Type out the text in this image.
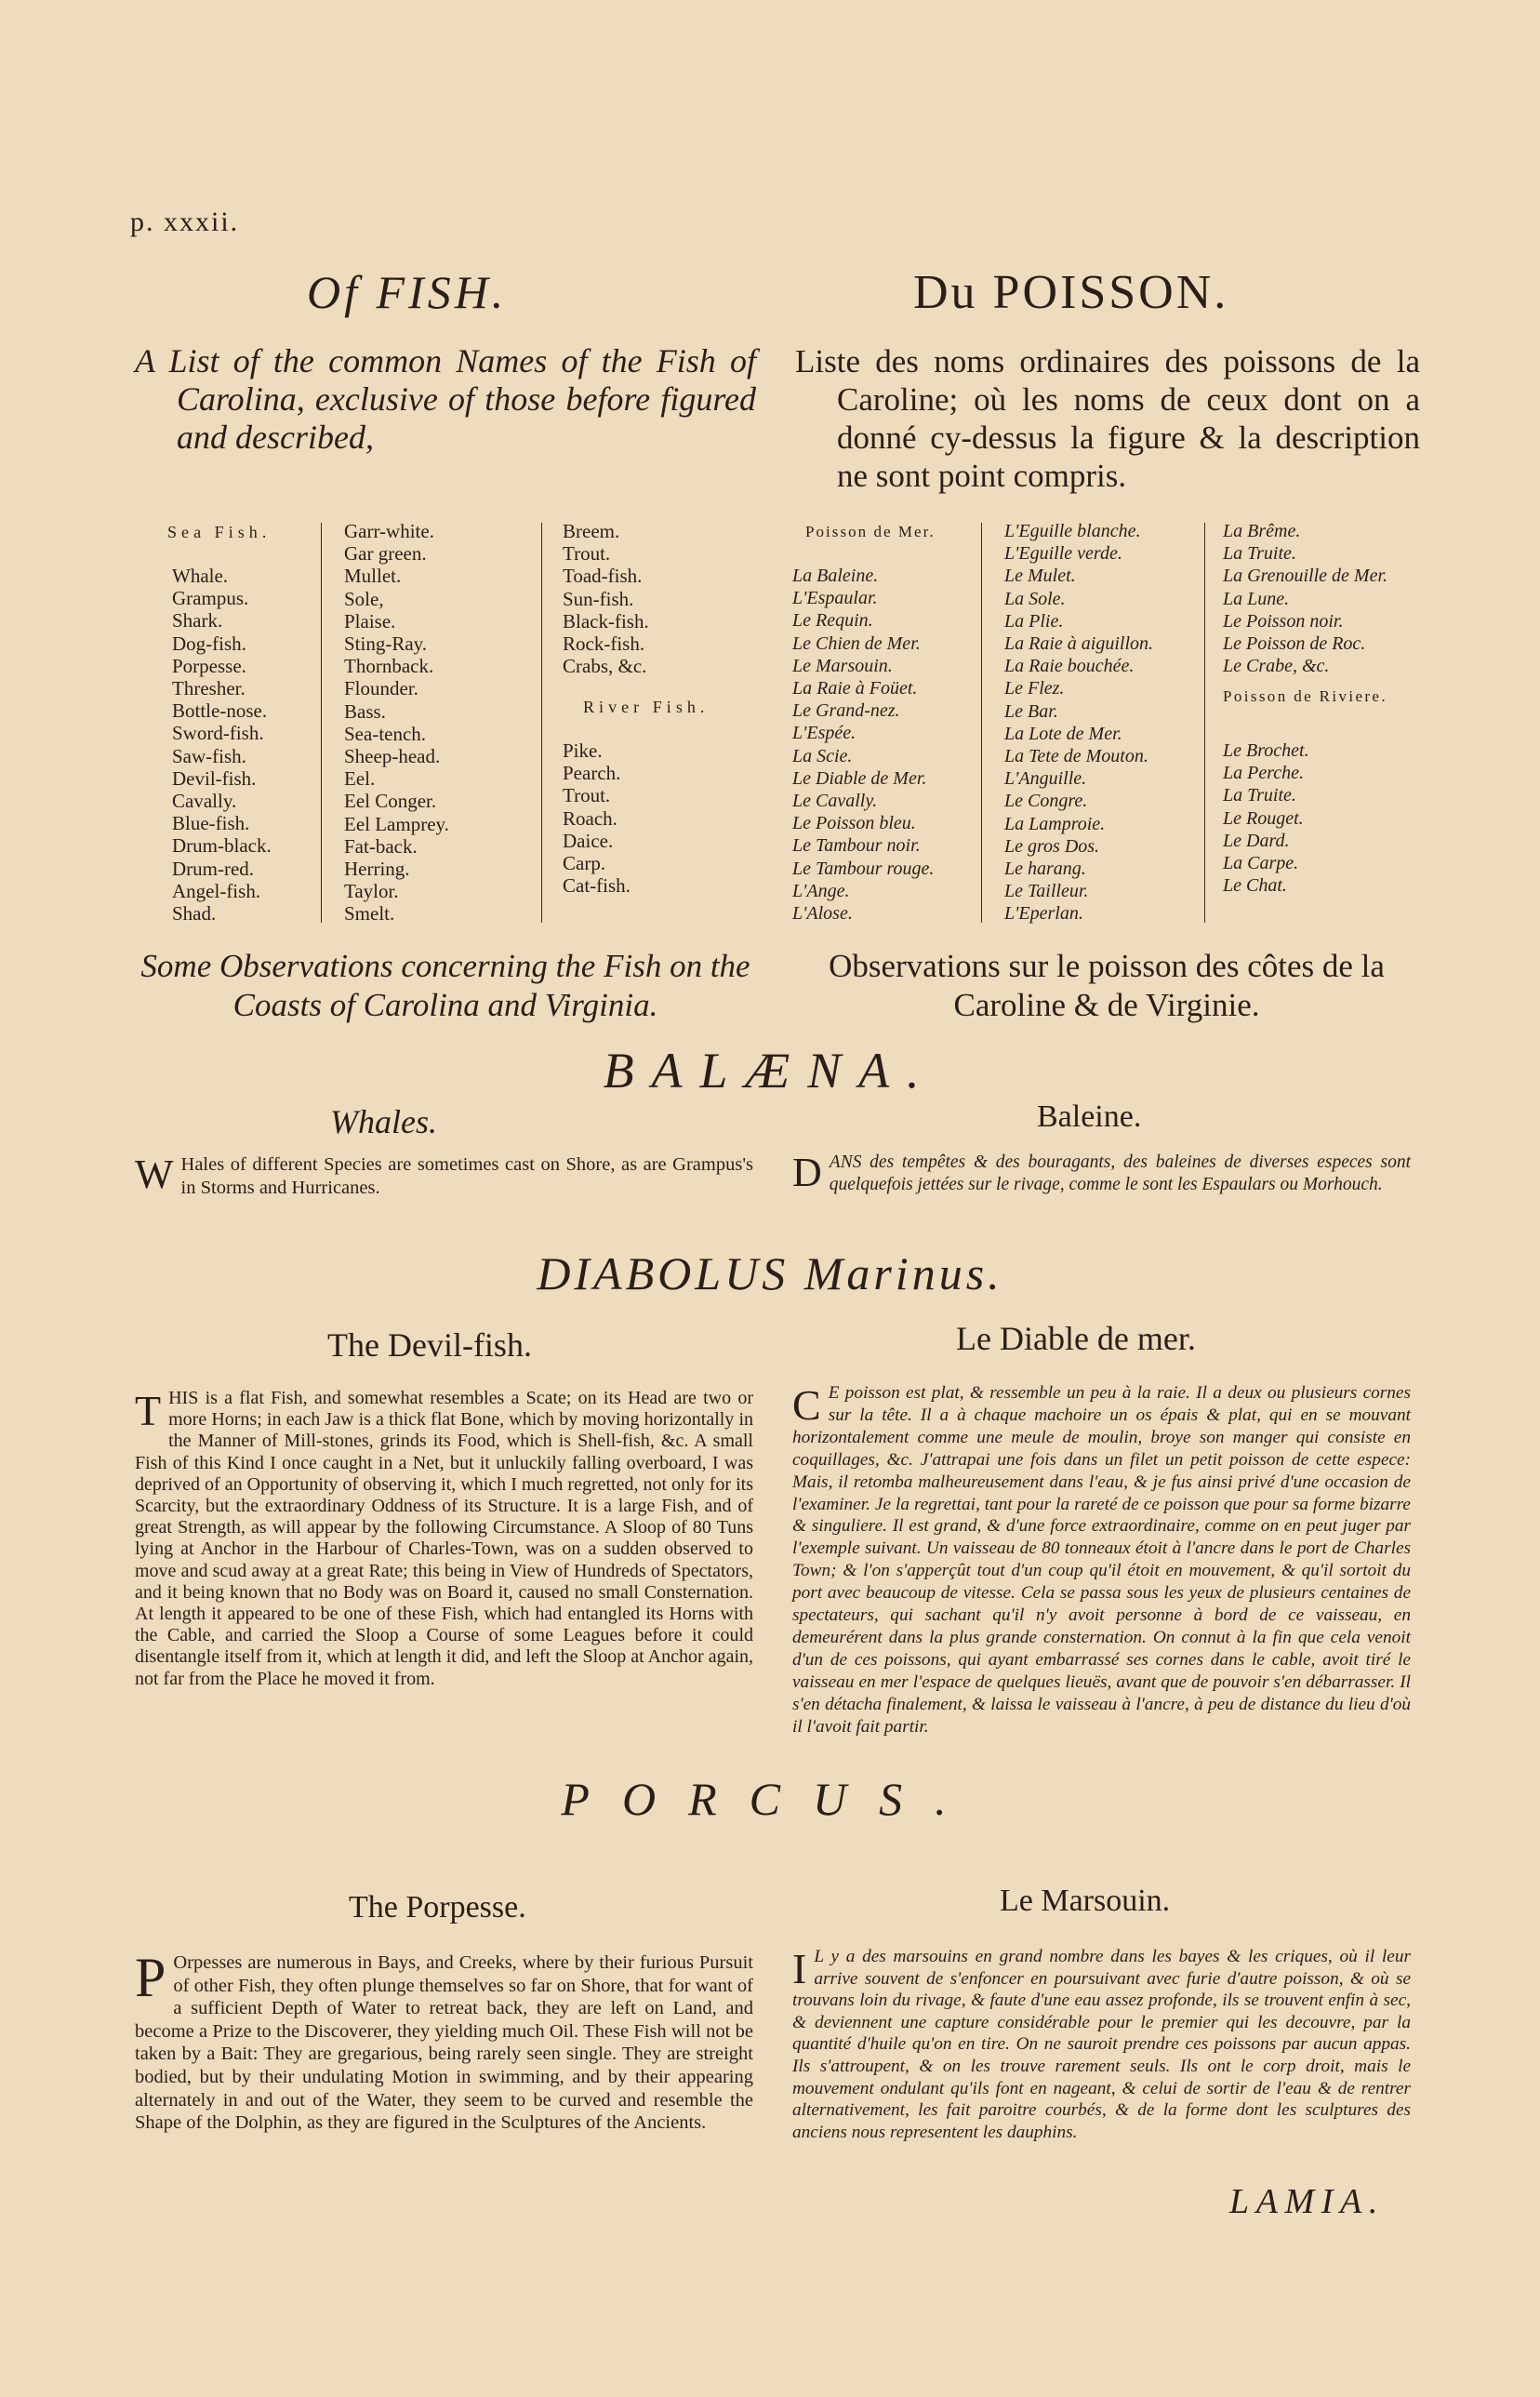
p. xxxii.
Of FISH.	Du POISSON.
A List of the common Names of the Fish of Carolina, exclusive of those before figured and described,
Liste des noms ordinaires des poissons de la Caroline; où les noms de ceux dont on a donné cy-dessus la figure & la description ne sont point compris.
Sea Fish.
Whale.
Grampus.
Shark.
Dog-fish.
Porpesse.
Thresher.
Bottle-nose.
Sword-fish.
Saw-fish.
Devil-fish.
Cavally.
Blue-fish.
Drum-black.
Drum-red.
Angel-fish.
Shad.
Garr-white.
Gar green.
Mullet.
Sole,
Plaise.
Sting-Ray.
Thornback.
Flounder.
Bass.
Sea-tench.
Sheep-head.
Eel.
Eel Conger.
Eel Lamprey.
Fat-back.
Herring.
Taylor.
Smelt.
Breem.
Trout.
Toad-fish.
Sun-fish.
Black-fish.
Rock-fish.
Crabs, &c.
River Fish.
Pike.
Pearch.
Trout.
Roach.
Daice.
Carp.
Cat-fish.
Poisson de Mer.
La Baleine.
L'Espaular.
Le Requin.
Le Chien de Mer.
Le Marsouin.
La Raie à Foüet.
Le Grand-nez.
L'Espée.
La Scie.
Le Diable de Mer.
Le Cavally.
Le Poisson bleu.
Le Tambour noir.
Le Tambour rouge.
L'Ange.
L'Alose.
L'Eguille blanche.
L'Eguille verde.
Le Mulet.
La Sole.
La Plie.
La Raie à aiguillon.
La Raie bouchée.
Le Flez.
Le Bar.
La Lote de Mer.
La Tete de Mouton.
L'Anguille.
Le Congre.
La Lamproie.
Le gros Dos.
Le harang.
Le Tailleur.
L'Eperlan.
La Brême.
La Truite.
La Grenouille de Mer.
La Lune.
Le Poisson noir.
Le Poisson de Roc.
Le Crabe, &c.
Poisson de Riviere.
Le Brochet.
La Perche.
La Truite.
Le Rouget.
Le Dard.
La Carpe.
Le Chat.
Some Observations concerning the Fish on the Coasts of Carolina and Virginia.
Observations sur le poisson des côtes de la Caroline & de Virginie.
BALÆNA.
Whales.	Baleine.
W Hales of different Species are sometimes cast on Shore, as are Grampus's in Storms and Hurricanes.	DANS des tempêtes & des bouragants, des baleines de diverses especes sont quelquefois jettées sur le rivage, comme le sont les Espaulars ou Morhouch.
DIABOLUS Marinus.
The Devil-fish.	Le Diable de mer.
THIS is a flat Fish, and somewhat resembles a Scate; on its Head are two or more Horns; in each Jaw is a thick flat Bone, which by moving horizontally in the Manner of Mill-stones, grinds its Food, which is Shell-fish, &c. A small Fish of this Kind I once caught in a Net, but it unluckily falling overboard, I was deprived of an Opportunity of observing it, which I much regretted, not only for its Scarcity, but the extraordinary Oddness of its Structure. It is a large Fish, and of great Strength, as will appear by the following Circumstance. A Sloop of 80 Tuns lying at Anchor in the Harbour of Charles-Town, was on a sudden observed to move and scud away at a great Rate; this being in View of Hundreds of Spectators, and it being known that no Body was on Board it, caused no small Consternation. At length it appeared to be one of these Fish, which had entangled its Horns with the Cable, and carried the Sloop a Course of some Leagues before it could disentangle itself from it, which at length it did, and left the Sloop at Anchor again, not far from the Place he moved it from.
C E poisson est plat, & ressemble un peu à la raie. Il a deux ou plusieurs cornes sur la tête. Il a à chaque machoire un os épais & plat, qui en se mouvant horizontalement comme une meule de moulin, broye son manger qui consiste en coquillages, &c. J'attrapai une fois dans un filet un petit poisson de cette espece: Mais, il retomba malheureusement dans l'eau, & je fus ainsi privé d'une occasion de l'examiner. Je la regrettai, tant pour la rareté de ce poisson que pour sa forme bizarre & singuliere. Il est grand, & d'une force extraordinaire, comme on en peut juger par l'exemple suivant. Un vaisseau de 80 tonneaux étoit à l'ancre dans le port de Charles Town; & l'on s'apperçût tout d'un coup qu'il étoit en mouvement, & qu'il sortoit du port avec beaucoup de vitesse. Cela se passa sous les yeux de plusieurs centaines de spectateurs, qui sachant qu'il n'y avoit personne à bord de ce vaisseau, en demeurérent dans la plus grande consternation. On connut à la fin que cela venoit d'un de ces poissons, qui ayant embarrassé ses cornes dans le cable, avoit tiré le vaisseau en mer l'espace de quelques lieuës, avant que de pouvoir s'en débarrasser. Il s'en détacha finalement, & laissa le vaisseau à l'ancre, à peu de distance du lieu d'où il l'avoit fait partir.
PORCUS.
The Porpesse.	Le Marsouin.
P Orpesses are numerous in Bays, and Creeks, where by their furious Pursuit of other Fish, they often plunge themselves so far on Shore, that for want of a sufficient Depth of Water to retreat back, they are left on Land, and become a Prize to the Discoverer, they yielding much Oil. These Fish will not be taken by a Bait: They are gregarious, being rarely seen single. They are streight bodied, but by their undulating Motion in swimming, and by their appearing alternately in and out of the Water, they seem to be curved and resemble the Shape of the Dolphin, as they are figured in the Sculptures of the Ancients.
I L y a des marsouins en grand nombre dans les bayes & les criques, où il leur arrive souvent de s'enfoncer en poursuivant avec furie d'autre poisson, & où se trouvans loin du rivage, & faute d'une eau assez profonde, ils se trouvent enfin à sec, & deviennent une capture considérable pour le premier qui les decouvre, par la quantité d'huile qu'on en tire. On ne sauroit prendre ces poissons par aucun appas. Ils s'attroupent, & on les trouve rarement seuls. Ils ont le corp droit, mais le mouvement ondulant qu'ils font en nageant, & celui de sortir de l'eau & de rentrer alternativement, les fait paroitre courbés, & de la forme dont les sculptures des anciens nous representent les dauphins.
LAMIA.
